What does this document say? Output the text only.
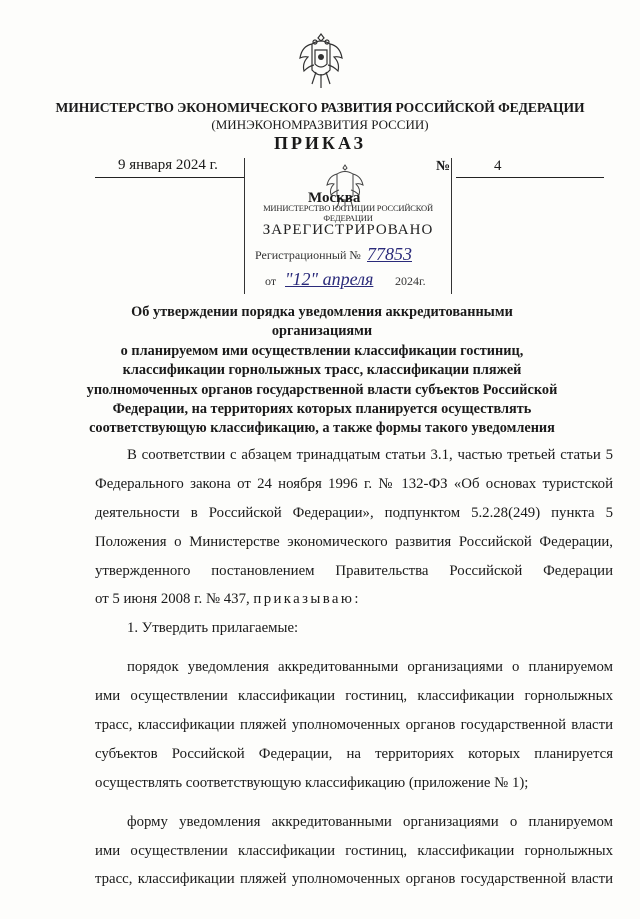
МИНИСТЕРСТВО ЭКОНОМИЧЕСКОГО РАЗВИТИЯ РОССИЙСКОЙ ФЕДЕРАЦИИ
(МИНЭКОНОМРАЗВИТИЯ РОССИИ)
ПРИКАЗ
9 января 2024 г.	№	4
МИНИСТЕРСТВО ЮСТИЦИИ РОССИЙСКОЙ ФЕДЕРАЦИИ
ЗАРЕГИСТРИРОВАНО
Регистрационный № 77853
от "12" апреля 2024г.
Москва
Об утверждении порядка уведомления аккредитованными организациями
о планируемом ими осуществлении классификации гостиниц,
классификации горнолыжных трасс, классификации пляжей
уполномоченных органов государственной власти субъектов Российской
Федерации, на территориях которых планируется осуществлять
соответствующую классификацию, а также формы такого уведомления
В соответствии с абзацем тринадцатым статьи 3.1, частью третьей статьи 5
Федерального закона от 24 ноября 1996 г. № 132-ФЗ «Об основах туристской
деятельности в Российской Федерации», подпунктом 5.2.28(249) пункта 5
Положения о Министерстве экономического развития Российской Федерации,
утвержденного постановлением Правительства Российской Федерации
от 5 июня 2008 г. № 437, приказываю:
1. Утвердить прилагаемые:
порядок уведомления аккредитованными организациями о планируемом
ими осуществлении классификации гостиниц, классификации горнолыжных
трасс, классификации пляжей уполномоченных органов государственной власти
субъектов Российской Федерации, на территориях которых планируется
осуществлять соответствующую классификацию (приложение № 1);
форму уведомления аккредитованными организациями о планируемом
ими осуществлении классификации гостиниц, классификации горнолыжных
трасс, классификации пляжей уполномоченных органов государственной власти
